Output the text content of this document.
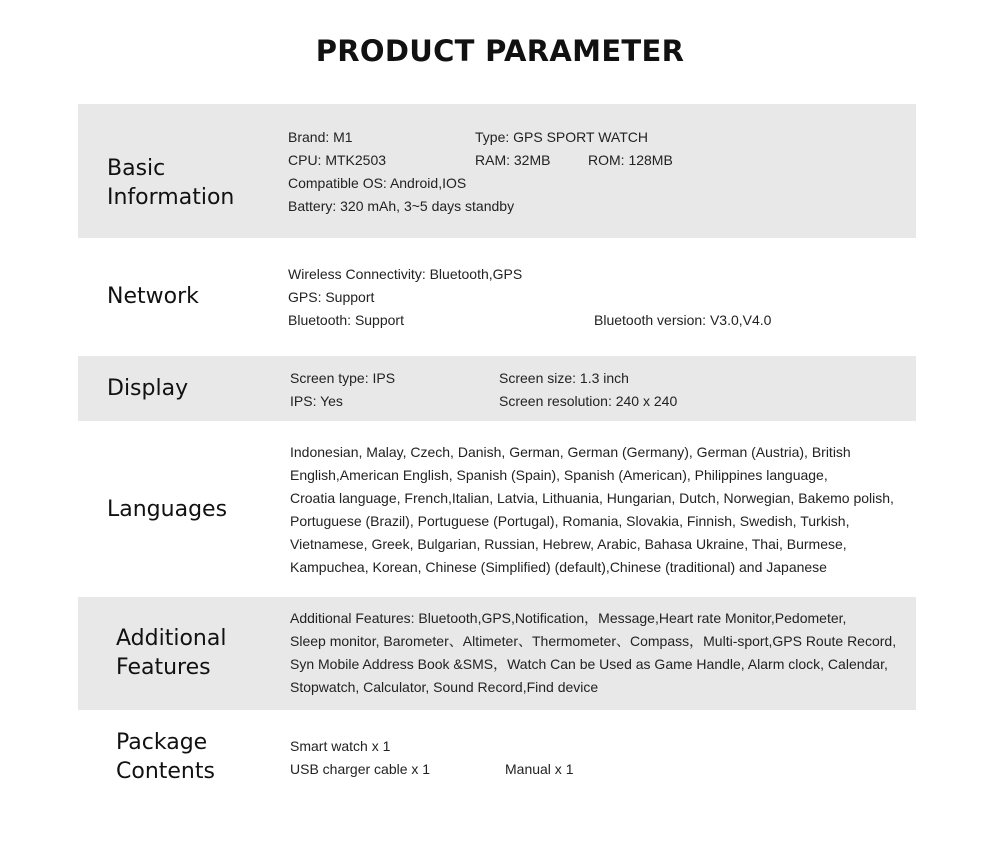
PRODUCT PARAMETER
Basic
Information
Brand: M1	Type: GPS SPORT WATCH
CPU: MTK2503	RAM: 32MB	ROM: 128MB
Compatible OS: Android,IOS
Battery: 320 mAh, 3~5 days standby
Network
Wireless Connectivity: Bluetooth,GPS
GPS: Support
Bluetooth: Support	Bluetooth version: V3.0,V4.0
Display	Screen type: IPS	Screen size: 1.3 inch
IPS: Yes	Screen resolution: 240 x 240
Languages
Indonesian, Malay, Czech, Danish, German, German (Germany), German (Austria), British
English,American English, Spanish (Spain), Spanish (American), Philippines language,
Croatia language, French,Italian, Latvia, Lithuania, Hungarian, Dutch, Norwegian, Bakemo polish,
Portuguese (Brazil), Portuguese (Portugal), Romania, Slovakia, Finnish, Swedish, Turkish,
Vietnamese, Greek, Bulgarian, Russian, Hebrew, Arabic, Bahasa Ukraine, Thai, Burmese,
Kampuchea, Korean, Chinese (Simplified) (default),Chinese (traditional) and Japanese
Additional
Features
Additional Features: Bluetooth,GPS,Notification，Message,Heart rate Monitor,Pedometer,
Sleep monitor, Barometer、Altimeter、Thermometer、Compass，Multi-sport,GPS Route Record,
Syn Mobile Address Book &SMS，Watch Can be Used as Game Handle, Alarm clock, Calendar,
Stopwatch, Calculator, Sound Record,Find device
Package
Contents
Smart watch x 1
USB charger cable x 1	Manual x 1
